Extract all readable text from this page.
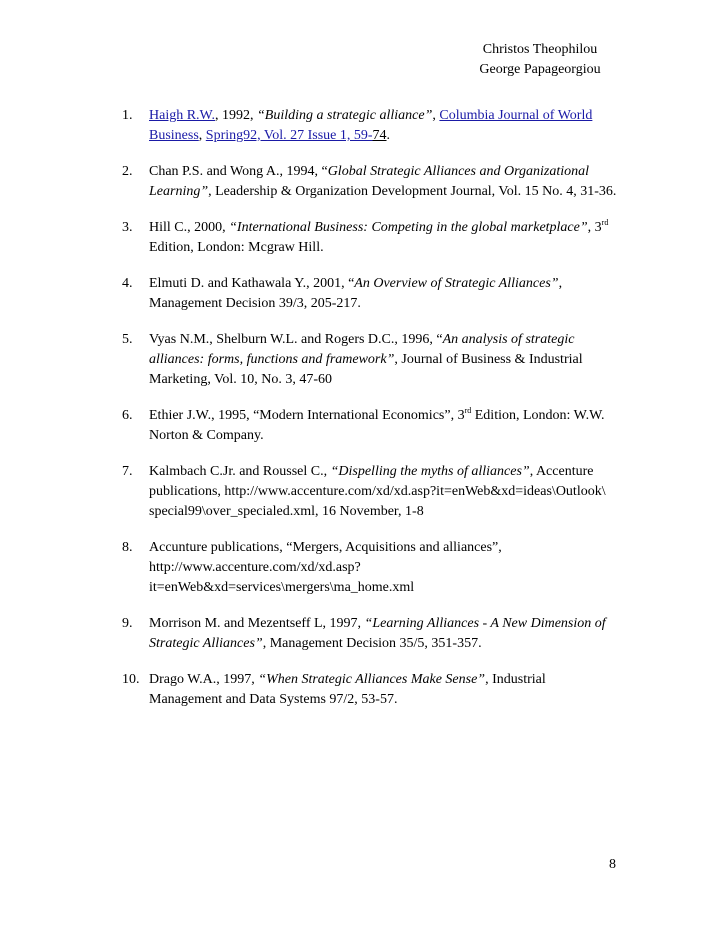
Christos Theophilou
George Papageorgiou
1. Haigh R.W., 1992, “Building a strategic alliance”, Columbia Journal of World Business, Spring92, Vol. 27 Issue 1, 59-74.
2. Chan P.S. and Wong A., 1994, “Global Strategic Alliances and Organizational Learning”, Leadership & Organization Development Journal, Vol. 15 No. 4, 31-36.
3. Hill C., 2000, “International Business: Competing in the global marketplace”, 3rd Edition, London: Mcgraw Hill.
4. Elmuti D. and Kathawala Y., 2001, “An Overview of Strategic Alliances”, Management Decision 39/3, 205-217.
5. Vyas N.M., Shelburn W.L. and Rogers D.C., 1996, “An analysis of strategic alliances: forms, functions and framework”, Journal of Business & Industrial Marketing, Vol. 10, No. 3, 47-60
6. Ethier J.W., 1995, “Modern International Economics”, 3rd Edition, London: W.W. Norton & Company.
7. Kalmbach C.Jr. and Roussel C., “Dispelling the myths of alliances”, Accenture publications, http://www.accenture.com/xd/xd.asp?it=enWeb&xd=ideas\Outlook\ special99\over_specialed.xml, 16 November, 1-8
8. Accunture publications, “Mergers, Acquisitions and alliances”,
http://www.accenture.com/xd/xd.asp?
it=enWeb&xd=services\mergers\ma_home.xml
9. Morrison M. and Mezentseff L, 1997, “Learning Alliances - A New Dimension of Strategic Alliances”, Management Decision 35/5, 351-357.
10. Drago W.A., 1997, “When Strategic Alliances Make Sense”, Industrial Management and Data Systems 97/2, 53-57.
8
